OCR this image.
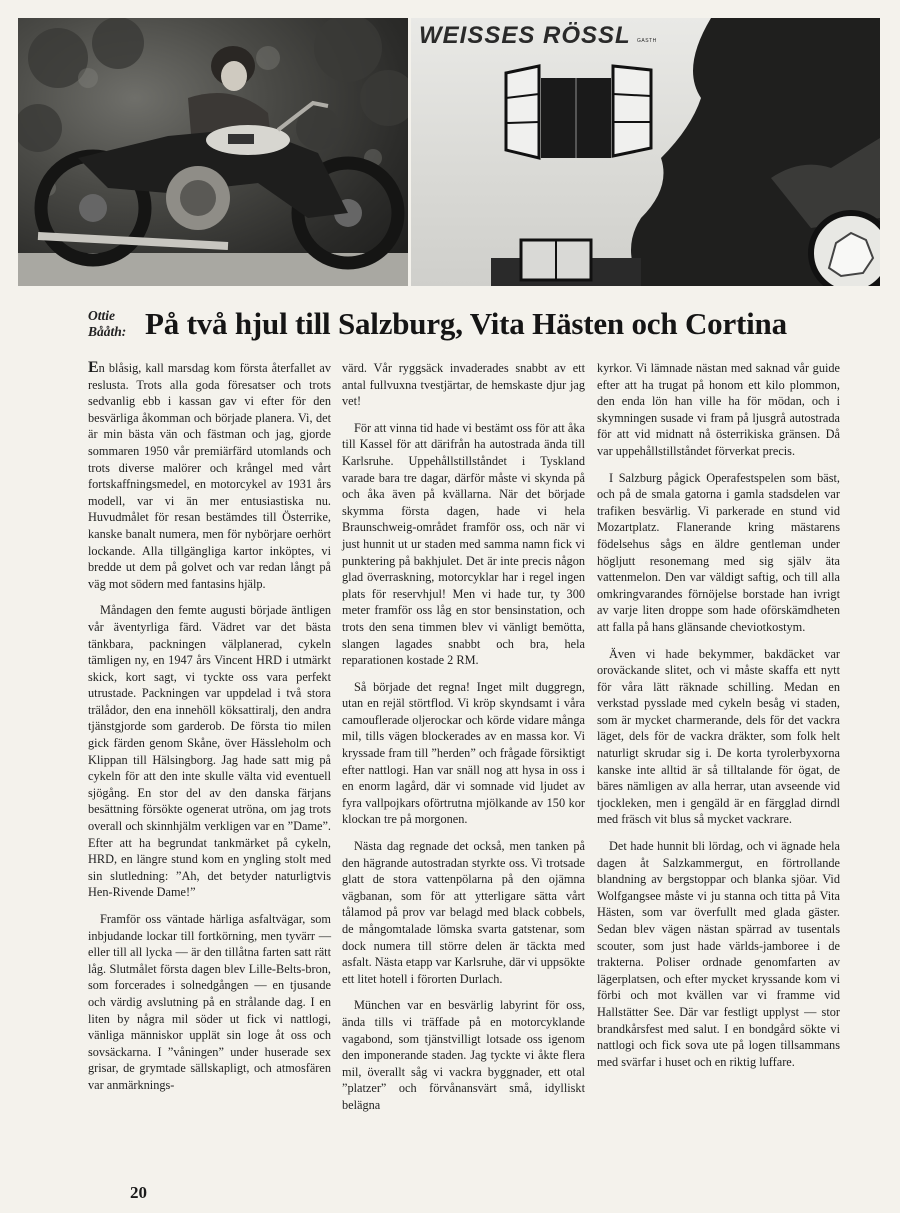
WEISSES RÖSSL GASTH
Ottie Bååth: På två hjul till Salzburg, Vita Hästen och Cortina

En blåsig, kall marsdag kom första återfallet av reslusta. Trots alla goda föresatser och trots sedvanlig ebb i kassan gav vi efter för den besvärliga åkomman och började planera. Vi, det är min bästa vän och fästman och jag, gjorde sommaren 1950 vår premiärfärd utomlands och trots diverse malörer och krångel med vårt fortskaffningsmedel, en motorcykel av 1931 års modell, var vi än mer entusiastiska nu. Huvudmålet för resan bestämdes till Österrike, kanske banalt numera, men för nybörjare oerhört lockande. Alla tillgängliga kartor inköptes, vi bredde ut dem på golvet och var redan långt på väg mot södern med fantasins hjälp.

Måndagen den femte augusti började äntligen vår äventyrliga färd. Vädret var det bästa tänkbara, packningen välplanerad, cykeln tämligen ny, en 1947 års Vincent HRD i utmärkt skick, kort sagt, vi tyckte oss vara perfekt utrustade. Packningen var uppdelad i två stora trälådor, den ena innehöll köksattiralj, den andra tjänstgjorde som garderob. De första tio milen gick färden genom Skåne, över Hässleholm och Klippan till Hälsingborg. Jag hade satt mig på cykeln för att den inte skulle välta vid eventuell sjögång. En stor del av den danska färjans besättning försökte ogenerat utröna, om jag trots overall och skinnhjälm verkligen var en ”Dame”. Efter att ha begrundat tankmärket på cykeln, HRD, en längre stund kom en yngling stolt med sin slutledning: ”Ah, det betyder naturligtvis Hen-Rivende Dame!”

Framför oss väntade härliga asfaltvägar, som inbjudande lockar till fortkörning, men tyvärr — eller till all lycka — är den tillåtna farten satt rätt låg. Slutmålet första dagen blev Lille-Belts-bron, som forcerades i solnedgången — en tjusande och värdig avslutning på en strålande dag. I en liten by några mil söder ut fick vi nattlogi, vänliga människor upplät sin loge åt oss och sovsäckarna. I ”våningen” under huserade sex grisar, de grymtade sällskapligt, och atmosfären var anmärknings-

värd. Vår ryggsäck invaderades snabbt av ett antal fullvuxna tvestjärtar, de hemskaste djur jag vet!

För att vinna tid hade vi bestämt oss för att åka till Kassel för att därifrån ha autostrada ända till Karlsruhe. Uppehållstillståndet i Tyskland varade bara tre dagar, därför måste vi skynda på och åka även på kvällarna. När det började skymma första dagen, hade vi hela Braunschweig-området framför oss, och när vi just hunnit ut ur staden med samma namn fick vi punktering på bakhjulet. Det är inte precis någon glad överraskning, motorcyklar har i regel ingen plats för reservhjul! Men vi hade tur, ty 300 meter framför oss låg en stor bensinstation, och trots den sena timmen blev vi vänligt bemötta, slangen lagades snabbt och bra, hela reparationen kostade 2 RM.

Så började det regna! Inget milt duggregn, utan en rejäl störtflod. Vi kröp skyndsamt i våra camouflerade oljerockar och körde vidare många mil, tills vägen blockerades av en massa kor. Vi kryssade fram till ”herden” och frågade försiktigt efter nattlogi. Han var snäll nog att hysa in oss i en enorm lagård, där vi somnade vid ljudet av fyra vallpojkars oförtrutna mjölkande av 150 kor klockan tre på morgonen.

Nästa dag regnade det också, men tanken på den hägrande autostradan styrkte oss. Vi trotsade glatt de stora vattenpölarna på den ojämna vägbanan, som för att ytterligare sätta vårt tålamod på prov var belagd med black cobbels, de mångomtalade lömska svarta gatstenar, som dock numera till större delen är täckta med asfalt. Nästa etapp var Karlsruhe, där vi uppsökte ett litet hotell i förorten Durlach.

München var en besvärlig labyrint för oss, ända tills vi träffade på en motorcyklande vagabond, som tjänstvilligt lotsade oss igenom den imponerande staden. Jag tyckte vi åkte flera mil, överallt såg vi vackra byggnader, ett otal ”platzer” och förvånansvärt små, idylliskt belägna

kyrkor. Vi lämnade nästan med saknad vår guide efter att ha trugat på honom ett kilo plommon, den enda lön han ville ha för mödan, och i skymningen susade vi fram på ljusgrå autostrada för att vid midnatt nå österrikiska gränsen. Då var uppehållstillståndet förverkat precis.

I Salzburg pågick Operafestspelen som bäst, och på de smala gatorna i gamla stadsdelen var trafiken besvärlig. Vi parkerade en stund vid Mozartplatz. Flanerande kring mästarens födelsehus sågs en äldre gentleman under högljutt resonemang med sig själv äta vattenmelon. Den var väldigt saftig, och till alla omkringvarandes förnöjelse borstade han ivrigt av varje liten droppe som hade oförskämdheten att falla på hans glänsande cheviotkostym.

Även vi hade bekymmer, bakdäcket var oroväckande slitet, och vi måste skaffa ett nytt för våra lätt räknade schilling. Medan en verkstad pysslade med cykeln besåg vi staden, som är mycket charmerande, dels för det vackra läget, dels för de vackra dräkter, som folk helt naturligt skrudar sig i. De korta tyrolerbyxorna kanske inte alltid är så tilltalande för ögat, de bäres nämligen av alla herrar, utan avseende vid tjockleken, men i gengäld är en färgglad dirndl med fräsch vit blus så mycket vackrare.

Det hade hunnit bli lördag, och vi ägnade hela dagen åt Salzkammergut, en förtrollande blandning av bergstoppar och blanka sjöar. Vid Wolfgangsee måste vi ju stanna och titta på Vita Hästen, som var överfullt med glada gäster. Sedan blev vägen nästan spärrad av tusentals scouter, som just hade världs-jamboree i de trakterna. Poliser ordnade genomfarten av lägerplatsen, och efter mycket kryssande kom vi förbi och mot kvällen var vi framme vid Hallstätter See. Där var festligt upplyst — stor brandkårsfest med salut. I en bondgård sökte vi nattlogi och fick sova ute på logen tillsammans med svärfar i huset och en riktig luffare.

20
